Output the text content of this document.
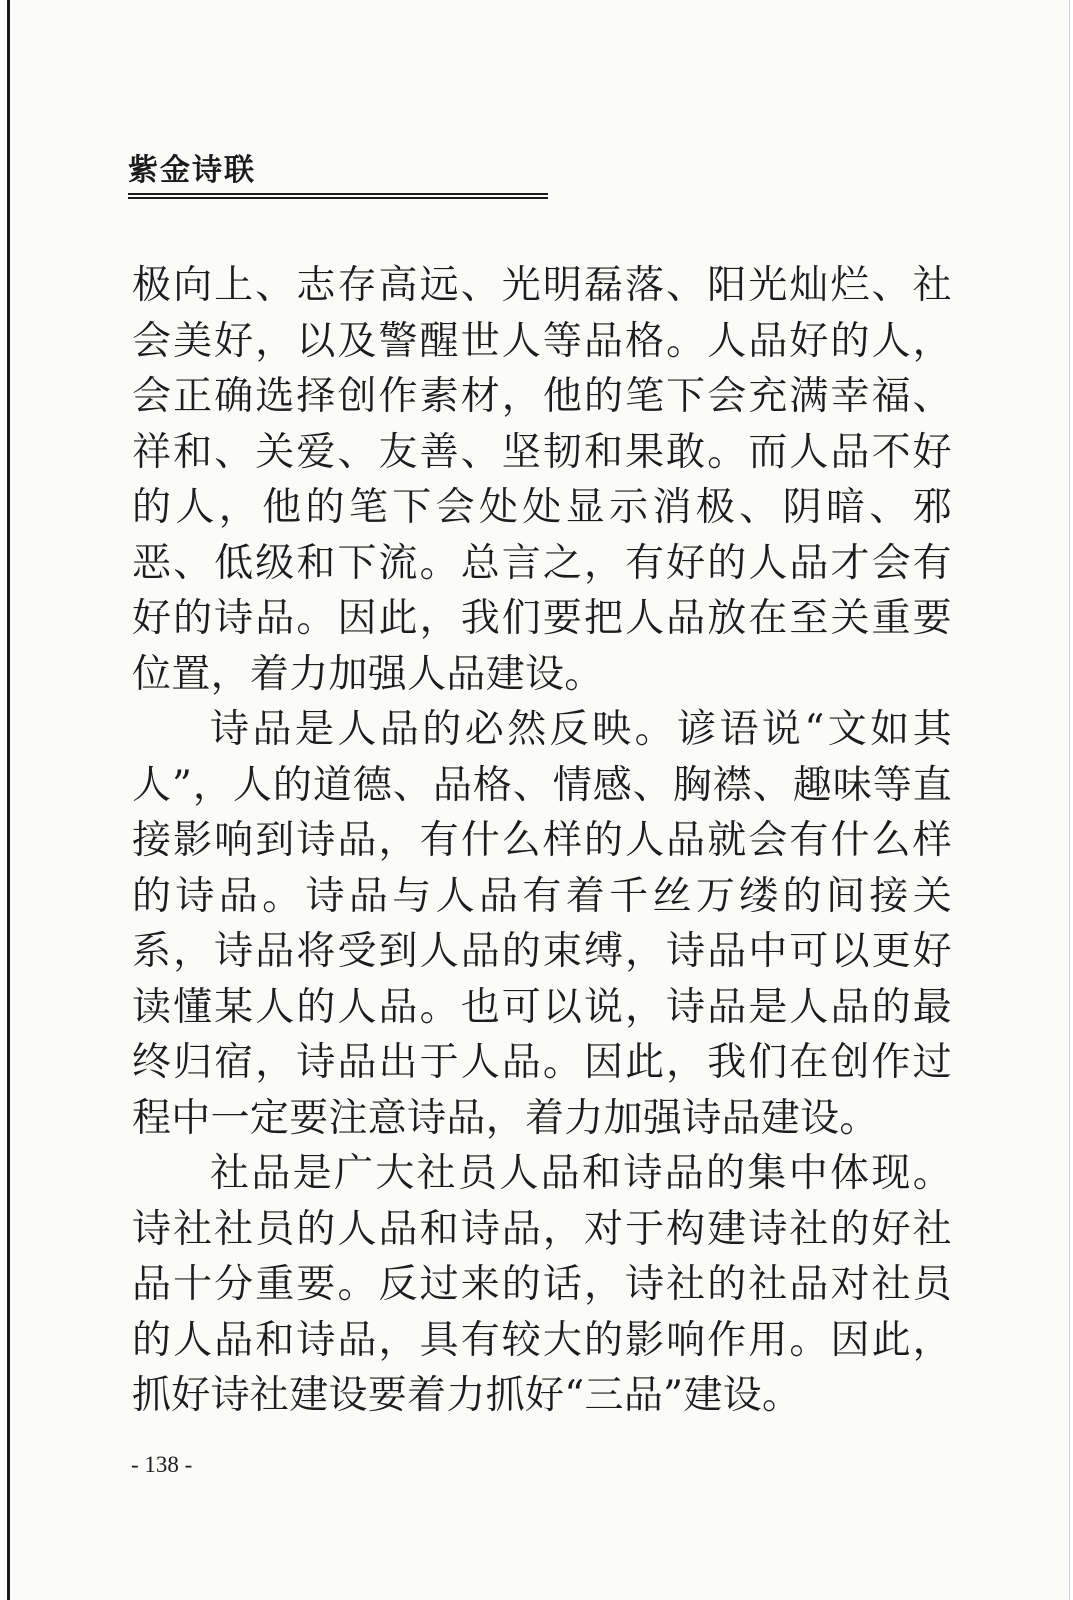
紫金诗联

极向上、志存高远、光明磊落、阳光灿烂、社会美好，以及警醒世人等品格。人品好的人，会正确选择创作素材，他的笔下会充满幸福、祥和、关爱、友善、坚韧和果敢。而人品不好的人，他的笔下会处处显示消极、阴暗、邪恶、低级和下流。总言之，有好的人品才会有好的诗品。因此，我们要把人品放在至关重要位置，着力加强人品建设。

诗品是人品的必然反映。谚语说“文如其人”，人的道德、品格、情感、胸襟、趣味等直接影响到诗品，有什么样的人品就会有什么样的诗品。诗品与人品有着千丝万缕的间接关系，诗品将受到人品的束缚，诗品中可以更好读懂某人的人品。也可以说，诗品是人品的最终归宿，诗品出于人品。因此，我们在创作过程中一定要注意诗品，着力加强诗品建设。

社品是广大社员人品和诗品的集中体现。诗社社员的人品和诗品，对于构建诗社的好社品十分重要。反过来的话，诗社的社品对社员的人品和诗品，具有较大的影响作用。因此，抓好诗社建设要着力抓好“三品”建设。

- 138 -
